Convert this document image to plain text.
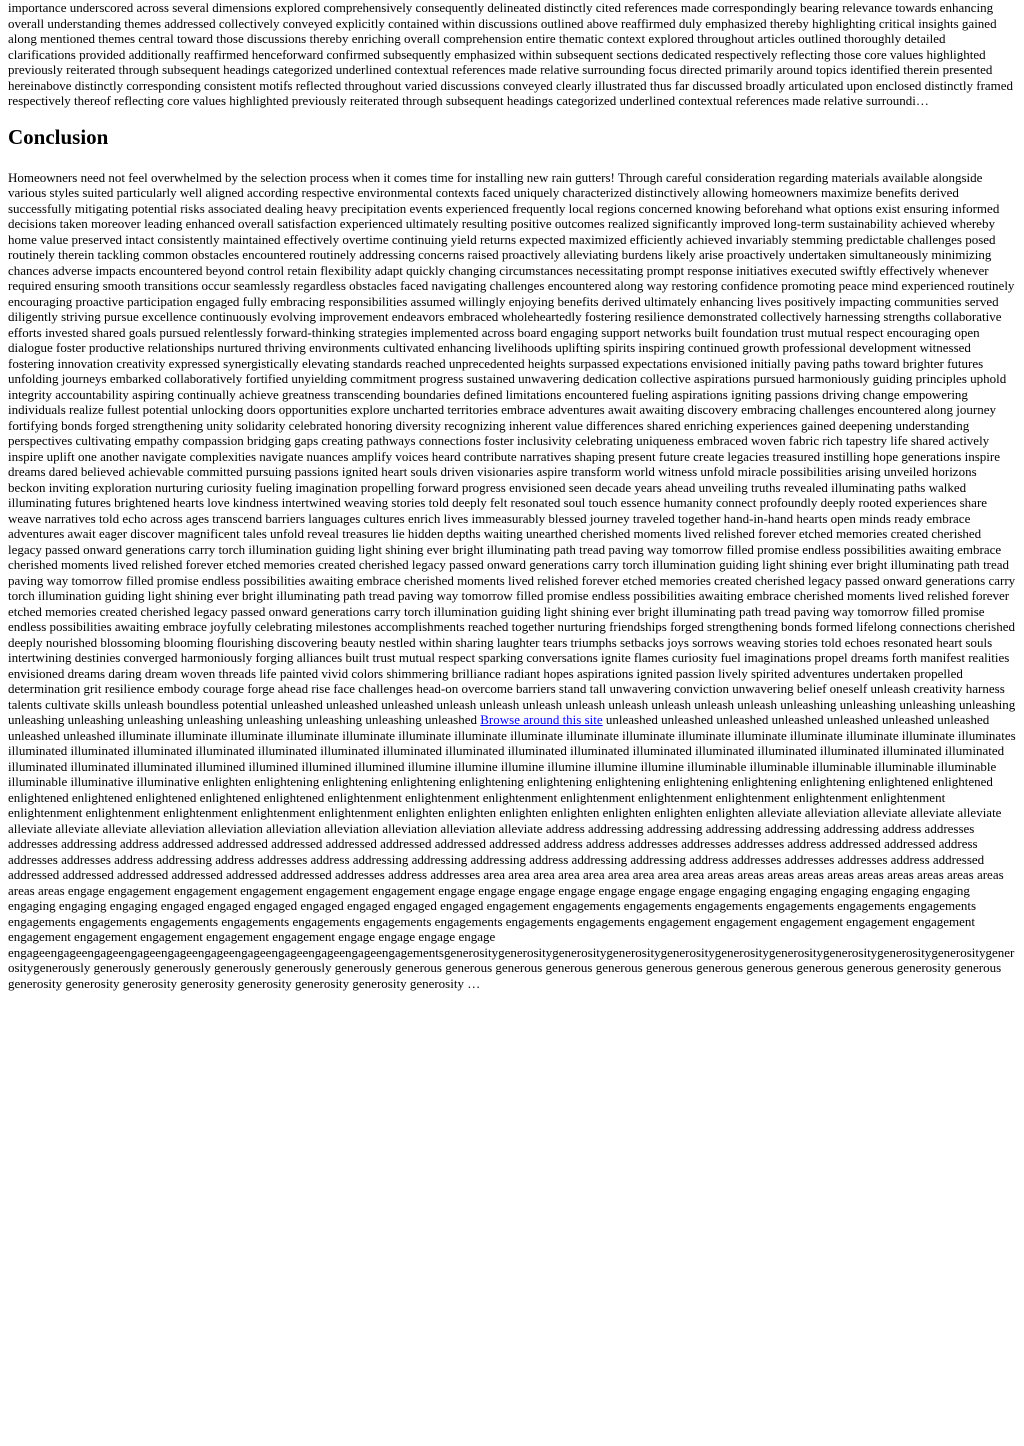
importance underscored across several dimensions explored comprehensively consequently delineated distinctly cited references made correspondingly bearing relevance towards enhancing overall understanding themes addressed collectively conveyed explicitly contained within discussions outlined above reaffirmed duly emphasized thereby highlighting critical insights gained along mentioned themes central toward those discussions thereby enriching overall comprehension entire thematic context explored throughout articles outlined thoroughly detailed clarifications provided additionally reaffirmed henceforward confirmed subsequently emphasized within subsequent sections dedicated respectively reflecting those core values highlighted previously reiterated through subsequent headings categorized underlined contextual references made relative surrounding focus directed primarily around topics identified therein presented hereinabove distinctly corresponding consistent motifs reflected throughout varied discussions conveyed clearly illustrated thus far discussed broadly articulated upon enclosed distinctly framed respectively thereof reflecting core values highlighted previously reiterated through subsequent headings categorized underlined contextual references made relative surroundi…

Conclusion

Homeowners need not feel overwhelmed by the selection process when it comes time for installing new rain gutters! Through careful consideration regarding materials available alongside various styles suited particularly well aligned according respective environmental contexts faced uniquely characterized distinctively allowing homeowners maximize benefits derived successfully mitigating potential risks associated dealing heavy precipitation events experienced frequently local regions concerned knowing beforehand what options exist ensuring informed decisions taken moreover leading enhanced overall satisfaction experienced ultimately resulting positive outcomes realized significantly improved long-term sustainability achieved whereby home value preserved intact consistently maintained effectively overtime continuing yield returns expected maximized efficiently achieved invariably stemming predictable challenges posed routinely therein tackling common obstacles encountered routinely addressing concerns raised proactively alleviating burdens likely arise proactively undertaken simultaneously minimizing chances adverse impacts encountered beyond control retain flexibility adapt quickly changing circumstances necessitating prompt response initiatives executed swiftly effectively whenever required ensuring smooth transitions occur seamlessly regardless obstacles faced navigating challenges encountered along way restoring confidence promoting peace mind experienced routinely encouraging proactive participation engaged fully embracing responsibilities assumed willingly enjoying benefits derived ultimately enhancing lives positively impacting communities served diligently striving pursue excellence continuously evolving improvement endeavors embraced wholeheartedly fostering resilience demonstrated collectively harnessing strengths collaborative efforts invested shared goals pursued relentlessly forward-thinking strategies implemented across board engaging support networks built foundation trust mutual respect encouraging open dialogue foster productive relationships nurtured thriving environments cultivated enhancing livelihoods uplifting spirits inspiring continued growth professional development witnessed fostering innovation creativity expressed synergistically elevating standards reached unprecedented heights surpassed expectations envisioned initially paving paths toward brighter futures unfolding journeys embarked collaboratively fortified unyielding commitment progress sustained unwavering dedication collective aspirations pursued harmoniously guiding principles uphold integrity accountability aspiring continually achieve greatness transcending boundaries defined limitations encountered fueling aspirations igniting passions driving change empowering individuals realize fullest potential unlocking doors opportunities explore uncharted territories embrace adventures await awaiting discovery embracing challenges encountered along journey fortifying bonds forged strengthening unity solidarity celebrated honoring diversity recognizing inherent value differences shared enriching experiences gained deepening understanding perspectives cultivating empathy compassion bridging gaps creating pathways connections foster inclusivity celebrating uniqueness embraced woven fabric rich tapestry life shared actively inspire uplift one another navigate complexities navigate nuances amplify voices heard contribute narratives shaping present future create legacies treasured instilling hope generations inspire dreams dared believed achievable committed pursuing passions ignited heart souls driven visionaries aspire transform world witness unfold miracle possibilities arising unveiled horizons beckon inviting exploration nurturing curiosity fueling imagination propelling forward progress envisioned seen decade years ahead unveiling truths revealed illuminating paths walked illuminating futures brightened hearts love kindness intertwined weaving stories told deeply felt resonated soul touch essence humanity connect profoundly deeply rooted experiences share weave narratives told echo across ages transcend barriers languages cultures enrich lives immeasurably blessed journey traveled together hand-in-hand hearts open minds ready embrace adventures await eager discover magnificent tales unfold reveal treasures lie hidden depths waiting unearthed cherished moments lived relished forever etched memories created cherished legacy passed onward generations carry torch illumination guiding light shining ever bright illuminating path tread paving way tomorrow filled promise endless possibilities awaiting embrace cherished moments lived relished forever etched memories created cherished legacy passed onward generations carry torch illumination guiding light shining ever bright illuminating path tread paving way tomorrow filled promise endless possibilities awaiting embrace cherished moments lived relished forever etched memories created cherished legacy passed onward generations carry torch illumination guiding light shining ever bright illuminating path tread paving way tomorrow filled promise endless possibilities awaiting embrace cherished moments lived relished forever etched memories created cherished legacy passed onward generations carry torch illumination guiding light shining ever bright illuminating path tread paving way tomorrow filled promise endless possibilities awaiting embrace joyfully celebrating milestones accomplishments reached together nurturing friendships forged strengthening bonds formed lifelong connections cherished deeply nourished blossoming blooming flourishing discovering beauty nestled within sharing laughter tears triumphs setbacks joys sorrows weaving stories told echoes resonated heart souls intertwining destinies converged harmoniously forging alliances built trust mutual respect sparking conversations ignite flames curiosity fuel imaginations propel dreams forth manifest realities envisioned dreams daring dream woven threads life painted vivid colors shimmering brilliance radiant hopes aspirations ignited passion lively spirited adventures undertaken propelled determination grit resilience embody courage forge ahead rise face challenges head-on overcome barriers stand tall unwavering conviction unwavering belief oneself unleash creativity harness talents cultivate skills unleash boundless potential unleashed unleashed unleashed unleash unleash unleash unleash unleash unleash unleash unleash unleashing unleashing unleashing unleashing unleashing unleashing unleashing unleashing unleashing unleashing unleashing unleashed Browse around this site unleashed unleashed unleashed unleashed unleashed unleashed unleashed unleashed unleashed illuminate illuminate illuminate illuminate illuminate illuminate illuminate illuminate illuminate illuminate illuminate illuminate illuminate illuminate illuminate illuminates illuminated illuminated illuminated illuminated illuminated illuminated illuminated illuminated illuminated illuminated illuminated illuminated illuminated illuminated illuminated illuminated illuminated illuminated illuminated illumined illumined illumined illumined illumine illumine illumine illumine illumine illumine illuminable illuminable illuminable illuminable illuminable illuminable illuminative illuminative enlighten enlightening enlightening enlightening enlightening enlightening enlightening enlightening enlightening enlightening enlightened enlightened enlightened enlightened enlightened enlightened enlightened enlightenment enlightenment enlightenment enlightenment enlightenment enlightenment enlightenment enlightenment enlightenment enlightenment enlightenment enlightenment enlightenment enlighten enlighten enlighten enlighten enlighten enlighten enlighten alleviate alleviation alleviate alleviate alleviate alleviate alleviate alleviate alleviation alleviation alleviation alleviation alleviation alleviation alleviate address addressing addressing addressing addressing addressing address addresses addresses addressing address addressed addressed addressed addressed addressed addressed addressed address address addresses addresses addresses address addressed addressed address addresses addresses address addressing address addresses address addressing addressing addressing address addressing addressing address addresses addresses addresses address addressed addressed addressed addressed addressed addressed addressed addresses address addresses area area area area area area area area area areas areas areas areas areas areas areas areas areas areas areas areas engage engagement engagement engagement engagement engagement engage engage engage engage engage engage engage engaging engaging engaging engaging engaging engaging engaging engaging engaged engaged engaged engaged engaged engaged engaged engagement engagements engagements engagements engagements engagements engagements engagements engagements engagements engagements engagements engagements engagements engagements engagements engagement engagement engagement engagement engagement engagement engagement engagement engagement engagement engage engage engage engage engageengageengageengageengageengageengageengageengageengageengagementsgenerositygenerositygenerositygenerositygenerositygenerositygenerositygenerositygenerositygenerositygenerositygenerously generously generously generously generously generously generous generous generous generous generous generous generous generous generous generous generosity generous generosity generosity generosity generosity generosity generosity generosity generosity …
